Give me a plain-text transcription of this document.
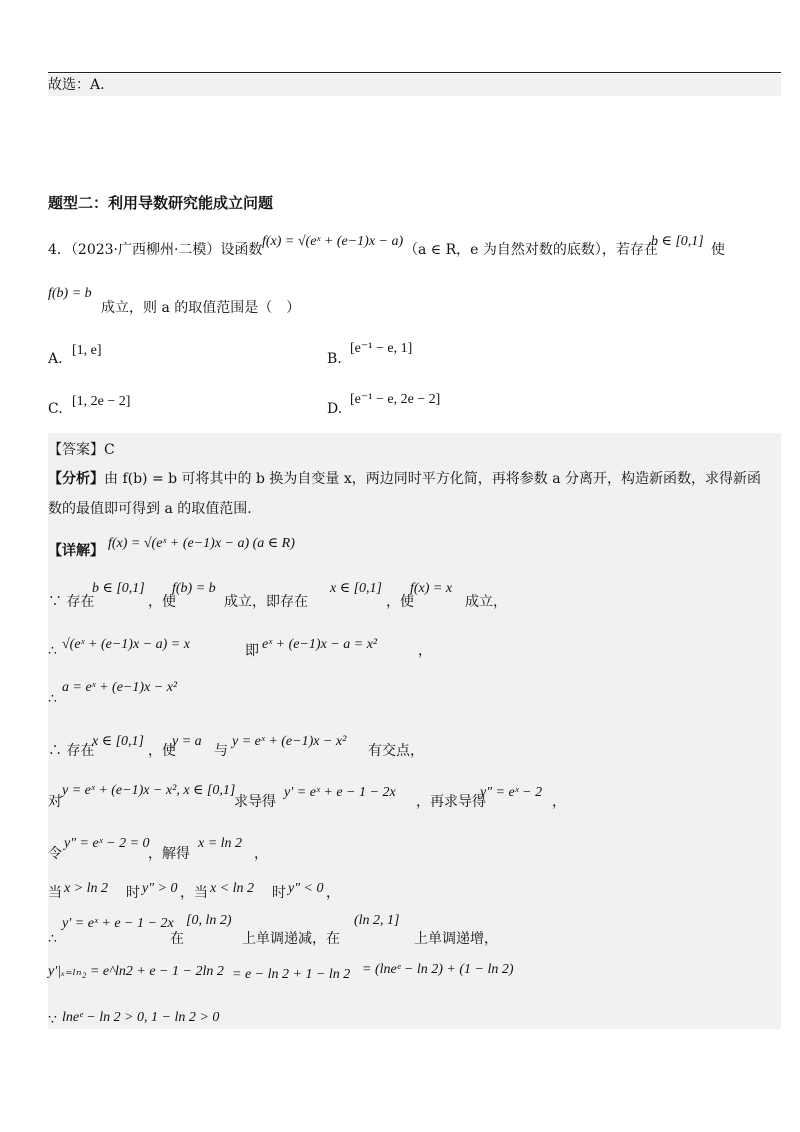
故选：A.
题型二：利用导数研究能成立问题
4．（2023·广西柳州·二模）设函数
f(x) = √(eˣ + (e−1)x − a)
（a ∈ R，e 为自然对数的底数），若存在
b ∈ [0,1]
使
f(b) = b
成立，则 a 的取值范围是（　）
A.
[1, e]
B.
[e⁻¹ − e, 1]
C. [1, 2e − 2]	D.
[e⁻¹ − e, 2e − 2]
【答案】C
【分析】 由 f(b) = b 可将其中的 b 换为自变量 x，两边同时平方化简，再将参数 a 分离开，构造新函数，求得新函
数的最值即可得到 a 的取值范围.
【详解】 f(x) = √(eˣ + (e−1)x − a) (a ∈ R)
∵ 存在
b ∈ [0,1]
，使
f(b) = b
成立，即存在
x ∈ [0,1]
，使
f(x) = x
成立，
∴ √(eˣ + (e−1)x − a) = x	即 eˣ + (e−1)x − a = x²	，
∴
a = eˣ + (e−1)x − x²
∴ 存在
x ∈ [0,1]
，使
y = a
与
y = eˣ + (e−1)x − x²
有交点，
对
y = eˣ + (e−1)x − x², x ∈ [0,1]
求导得
y′ = eˣ + e − 1 − 2x
，再求导得
y″ = eˣ − 2
，
令
y″ = eˣ − 2 = 0
，解得
x = ln 2
，
当 x > ln 2 时 y″ > 0 ，当 x < ln 2 时 y″ < 0 ，
∴
y′ = eˣ + e − 1 − 2x
在
[0, ln 2)
上单调递减，在
(ln 2, 1]
上单调递增，
y′|ₓ₌ₗₙ₂ = e^ln2 + e − 1 − 2ln 2 = e − ln 2 + 1 − ln 2 = (lneᵉ − ln 2) + (1 − ln 2)
∵ lneᵉ − ln 2 > 0, 1 − ln 2 > 0
